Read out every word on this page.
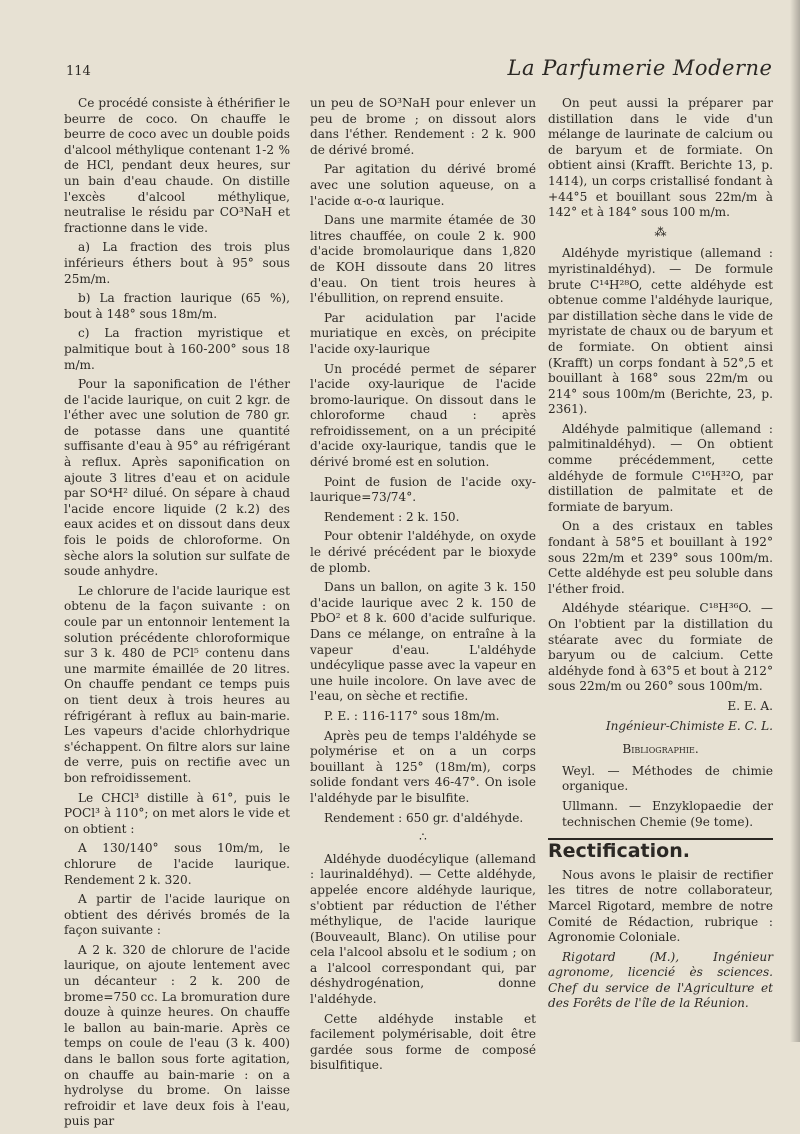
114	La Parfumerie Moderne

Ce procédé consiste à éthérifier le beurre de coco. On chauffe le beurre de coco avec un double poids d'alcool méthylique contenant 1-2 % de HCl, pendant deux heures, sur un bain d'eau chaude. On distille l'excès d'alcool méthylique, neutralise le résidu par CO³NaH et fractionne dans le vide.

a) La fraction des trois plus inférieurs éthers bout à 95° sous 25m/m.

b) La fraction laurique (65 %), bout à 148° sous 18m/m.

c) La fraction myristique et palmitique bout à 160-200° sous 18 m/m.

Pour la saponification de l'éther de l'acide laurique, on cuit 2 kgr. de l'éther avec une solution de 780 gr. de potasse dans une quantité suffisante d'eau à 95° au réfrigérant à reflux. Après saponification on ajoute 3 litres d'eau et on acidule par SO⁴H² dilué. On sépare à chaud l'acide encore liquide (2 k.2) des eaux acides et on dissout dans deux fois le poids de chloroforme. On sèche alors la solution sur sulfate de soude anhydre.

Le chlorure de l'acide laurique est obtenu de la façon suivante : on coule par un entonnoir lentement la solution précédente chloroformique sur 3 k. 480 de PCl⁵ contenu dans une marmite émaillée de 20 litres. On chauffe pendant ce temps puis on tient deux à trois heures au réfrigérant à reflux au bain-marie. Les vapeurs d'acide chlorhydrique s'échappent. On filtre alors sur laine de verre, puis on rectifie avec un bon refroidissement.

Le CHCl³ distille à 61°, puis le POCl³ à 110°; on met alors le vide et on obtient :

A 130/140° sous 10m/m, le chlorure de l'acide laurique. Rendement 2 k. 320.

A partir de l'acide laurique on obtient des dérivés bromés de la façon suivante :

A 2 k. 320 de chlorure de l'acide laurique, on ajoute lentement avec un décanteur : 2 k. 200 de brome=750 cc. La bromuration dure douze à quinze heures. On chauffe le ballon au bain-marie. Après ce temps on coule de l'eau (3 k. 400) dans le ballon sous forte agitation, on chauffe au bain-marie : on a hydrolyse du brome. On laisse refroidir et lave deux fois à l'eau, puis par

un peu de SO³NaH pour enlever un peu de brome ; on dissout alors dans l'éther. Rendement : 2 k. 900 de dérivé bromé.

Par agitation du dérivé bromé avec une solution aqueuse, on a l'acide α-o-α laurique.

Dans une marmite étamée de 30 litres chauffée, on coule 2 k. 900 d'acide bromolaurique dans 1,820 de KOH dissoute dans 20 litres d'eau. On tient trois heures à l'ébullition, on reprend ensuite.

Par acidulation par l'acide muriatique en excès, on précipite l'acide oxy-laurique

Un procédé permet de séparer l'acide oxy-laurique de l'acide bromo-laurique. On dissout dans le chloroforme chaud : après refroidissement, on a un précipité d'acide oxy-laurique, tandis que le dérivé bromé est en solution.

Point de fusion de l'acide oxy-laurique=73/74°.

Rendement : 2 k. 150.

Pour obtenir l'aldéhyde, on oxyde le dérivé précédent par le bioxyde de plomb.

Dans un ballon, on agite 3 k. 150 d'acide laurique avec 2 k. 150 de PbO² et 8 k. 600 d'acide sulfurique. Dans ce mélange, on entraîne à la vapeur d'eau. L'aldéhyde undécylique passe avec la vapeur en une huile incolore. On lave avec de l'eau, on sèche et rectifie.

P. E. : 116-117° sous 18m/m.

Après peu de temps l'aldéhyde se polymérise et on a un corps bouillant à 125° (18m/m), corps solide fondant vers 46-47°. On isole l'aldéhyde par le bisulfite.

Rendement : 650 gr. d'aldéhyde.

∴

Aldéhyde duodécylique (allemand : laurinaldéhyd). — Cette aldéhyde, appelée encore aldéhyde laurique, s'obtient par réduction de l'éther méthylique, de l'acide laurique (Bouveault, Blanc). On utilise pour cela l'alcool absolu et le sodium ; on a l'alcool correspondant qui, par déshydrogénation, donne l'aldéhyde.

Cette aldéhyde instable et facilement polymérisable, doit être gardée sous forme de composé bisulfitique.

On peut aussi la préparer par distillation dans le vide d'un mélange de laurinate de calcium ou de baryum et de formiate. On obtient ainsi (Krafft. Berichte 13, p. 1414), un corps cristallisé fondant à +44°5 et bouillant sous 22m/m à 142° et à 184° sous 100 m/m.

⁂

Aldéhyde myristique (allemand : myristinaldéhyd). — De formule brute C¹⁴H²⁸O, cette aldéhyde est obtenue comme l'aldéhyde laurique, par distillation sèche dans le vide de myristate de chaux ou de baryum et de formiate. On obtient ainsi (Krafft) un corps fondant à 52°,5 et bouillant à 168° sous 22m/m ou 214° sous 100m/m (Berichte, 23, p. 2361).

Aldéhyde palmitique (allemand : palmitinaldéhyd). — On obtient comme précédemment, cette aldéhyde de formule C¹⁶H³²O, par distillation de palmitate et de formiate de baryum.

On a des cristaux en tables fondant à 58°5 et bouillant à 192° sous 22m/m et 239° sous 100m/m. Cette aldéhyde est peu soluble dans l'éther froid.

Aldéhyde stéarique. C¹⁸H³⁶O. — On l'obtient par la distillation du stéarate avec du formiate de baryum ou de calcium. Cette aldéhyde fond à 63°5 et bout à 212° sous 22m/m ou 260° sous 100m/m.

E. E. A.

Ingénieur-Chimiste E. C. L.

Bibliographie.

Weyl. — Méthodes de chimie organique.

Ullmann. — Enzyklopaedie der technischen Chemie (9e tome).

Rectification.

Nous avons le plaisir de rectifier les titres de notre collaborateur, Marcel Rigotard, membre de notre Comité de Rédaction, rubrique : Agronomie Coloniale.

Rigotard (M.), Ingénieur agronome, licencié ès sciences. Chef du service de l'Agriculture et des Forêts de l'île de la Réunion.
